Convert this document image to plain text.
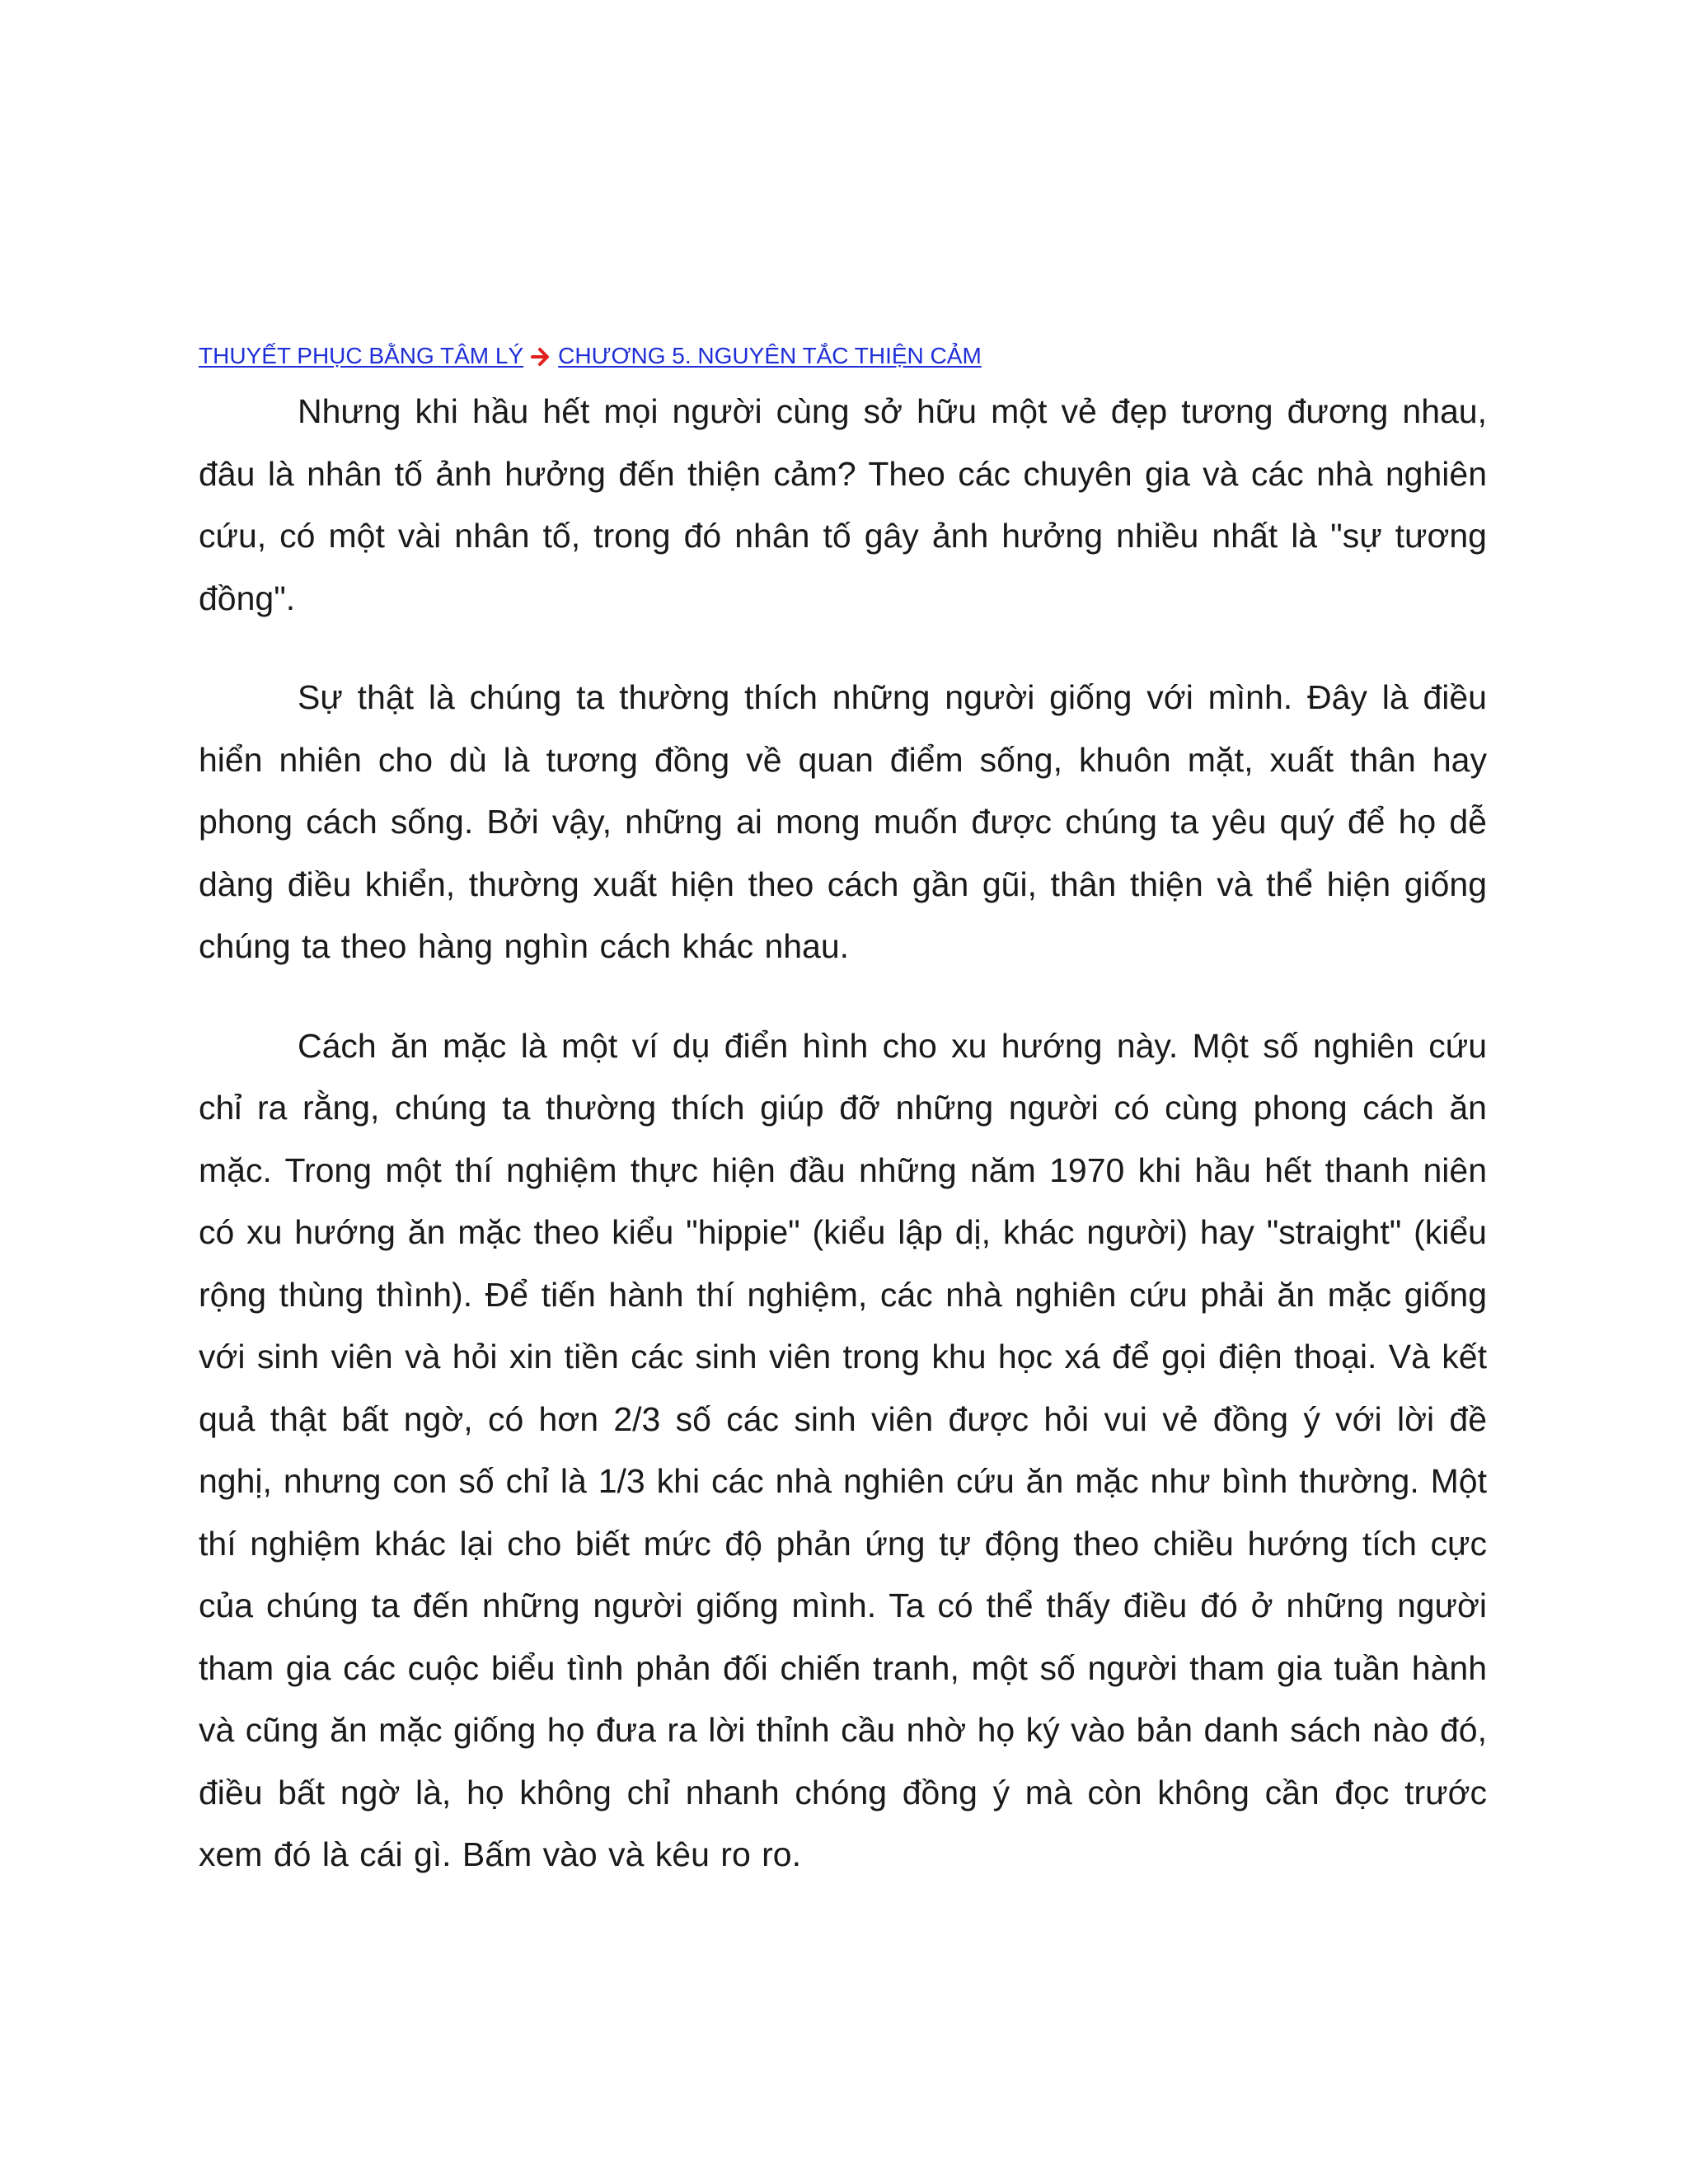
THUYẾT PHỤC BẰNG TÂM LÝ CHƯƠNG 5. NGUYÊN TẮC THIỆN CẢM

Nhưng khi hầu hết mọi người cùng sở hữu một vẻ đẹp tương đương nhau, đâu là nhân tố ảnh hưởng đến thiện cảm? Theo các chuyên gia và các nhà nghiên cứu, có một vài nhân tố, trong đó nhân tố gây ảnh hưởng nhiều nhất là "sự tương đồng".

Sự thật là chúng ta thường thích những người giống với mình. Đây là điều hiển nhiên cho dù là tương đồng về quan điểm sống, khuôn mặt, xuất thân hay phong cách sống. Bởi vậy, những ai mong muốn được chúng ta yêu quý để họ dễ dàng điều khiển, thường xuất hiện theo cách gần gũi, thân thiện và thể hiện giống chúng ta theo hàng nghìn cách khác nhau.

Cách ăn mặc là một ví dụ điển hình cho xu hướng này. Một số nghiên cứu chỉ ra rằng, chúng ta thường thích giúp đỡ những người có cùng phong cách ăn mặc. Trong một thí nghiệm thực hiện đầu những năm 1970 khi hầu hết thanh niên có xu hướng ăn mặc theo kiểu "hippie" (kiểu lập dị, khác người) hay "straight" (kiểu rộng thùng thình). Để tiến hành thí nghiệm, các nhà nghiên cứu phải ăn mặc giống với sinh viên và hỏi xin tiền các sinh viên trong khu học xá để gọi điện thoại. Và kết quả thật bất ngờ, có hơn 2/3 số các sinh viên được hỏi vui vẻ đồng ý với lời đề nghị, nhưng con số chỉ là 1/3 khi các nhà nghiên cứu ăn mặc như bình thường. Một thí nghiệm khác lại cho biết mức độ phản ứng tự động theo chiều hướng tích cực của chúng ta đến những người giống mình. Ta có thể thấy điều đó ở những người tham gia các cuộc biểu tình phản đối chiến tranh, một số người tham gia tuần hành và cũng ăn mặc giống họ đưa ra lời thỉnh cầu nhờ họ ký vào bản danh sách nào đó, điều bất ngờ là, họ không chỉ nhanh chóng đồng ý mà còn không cần đọc trước xem đó là cái gì. Bấm vào và kêu ro ro.
